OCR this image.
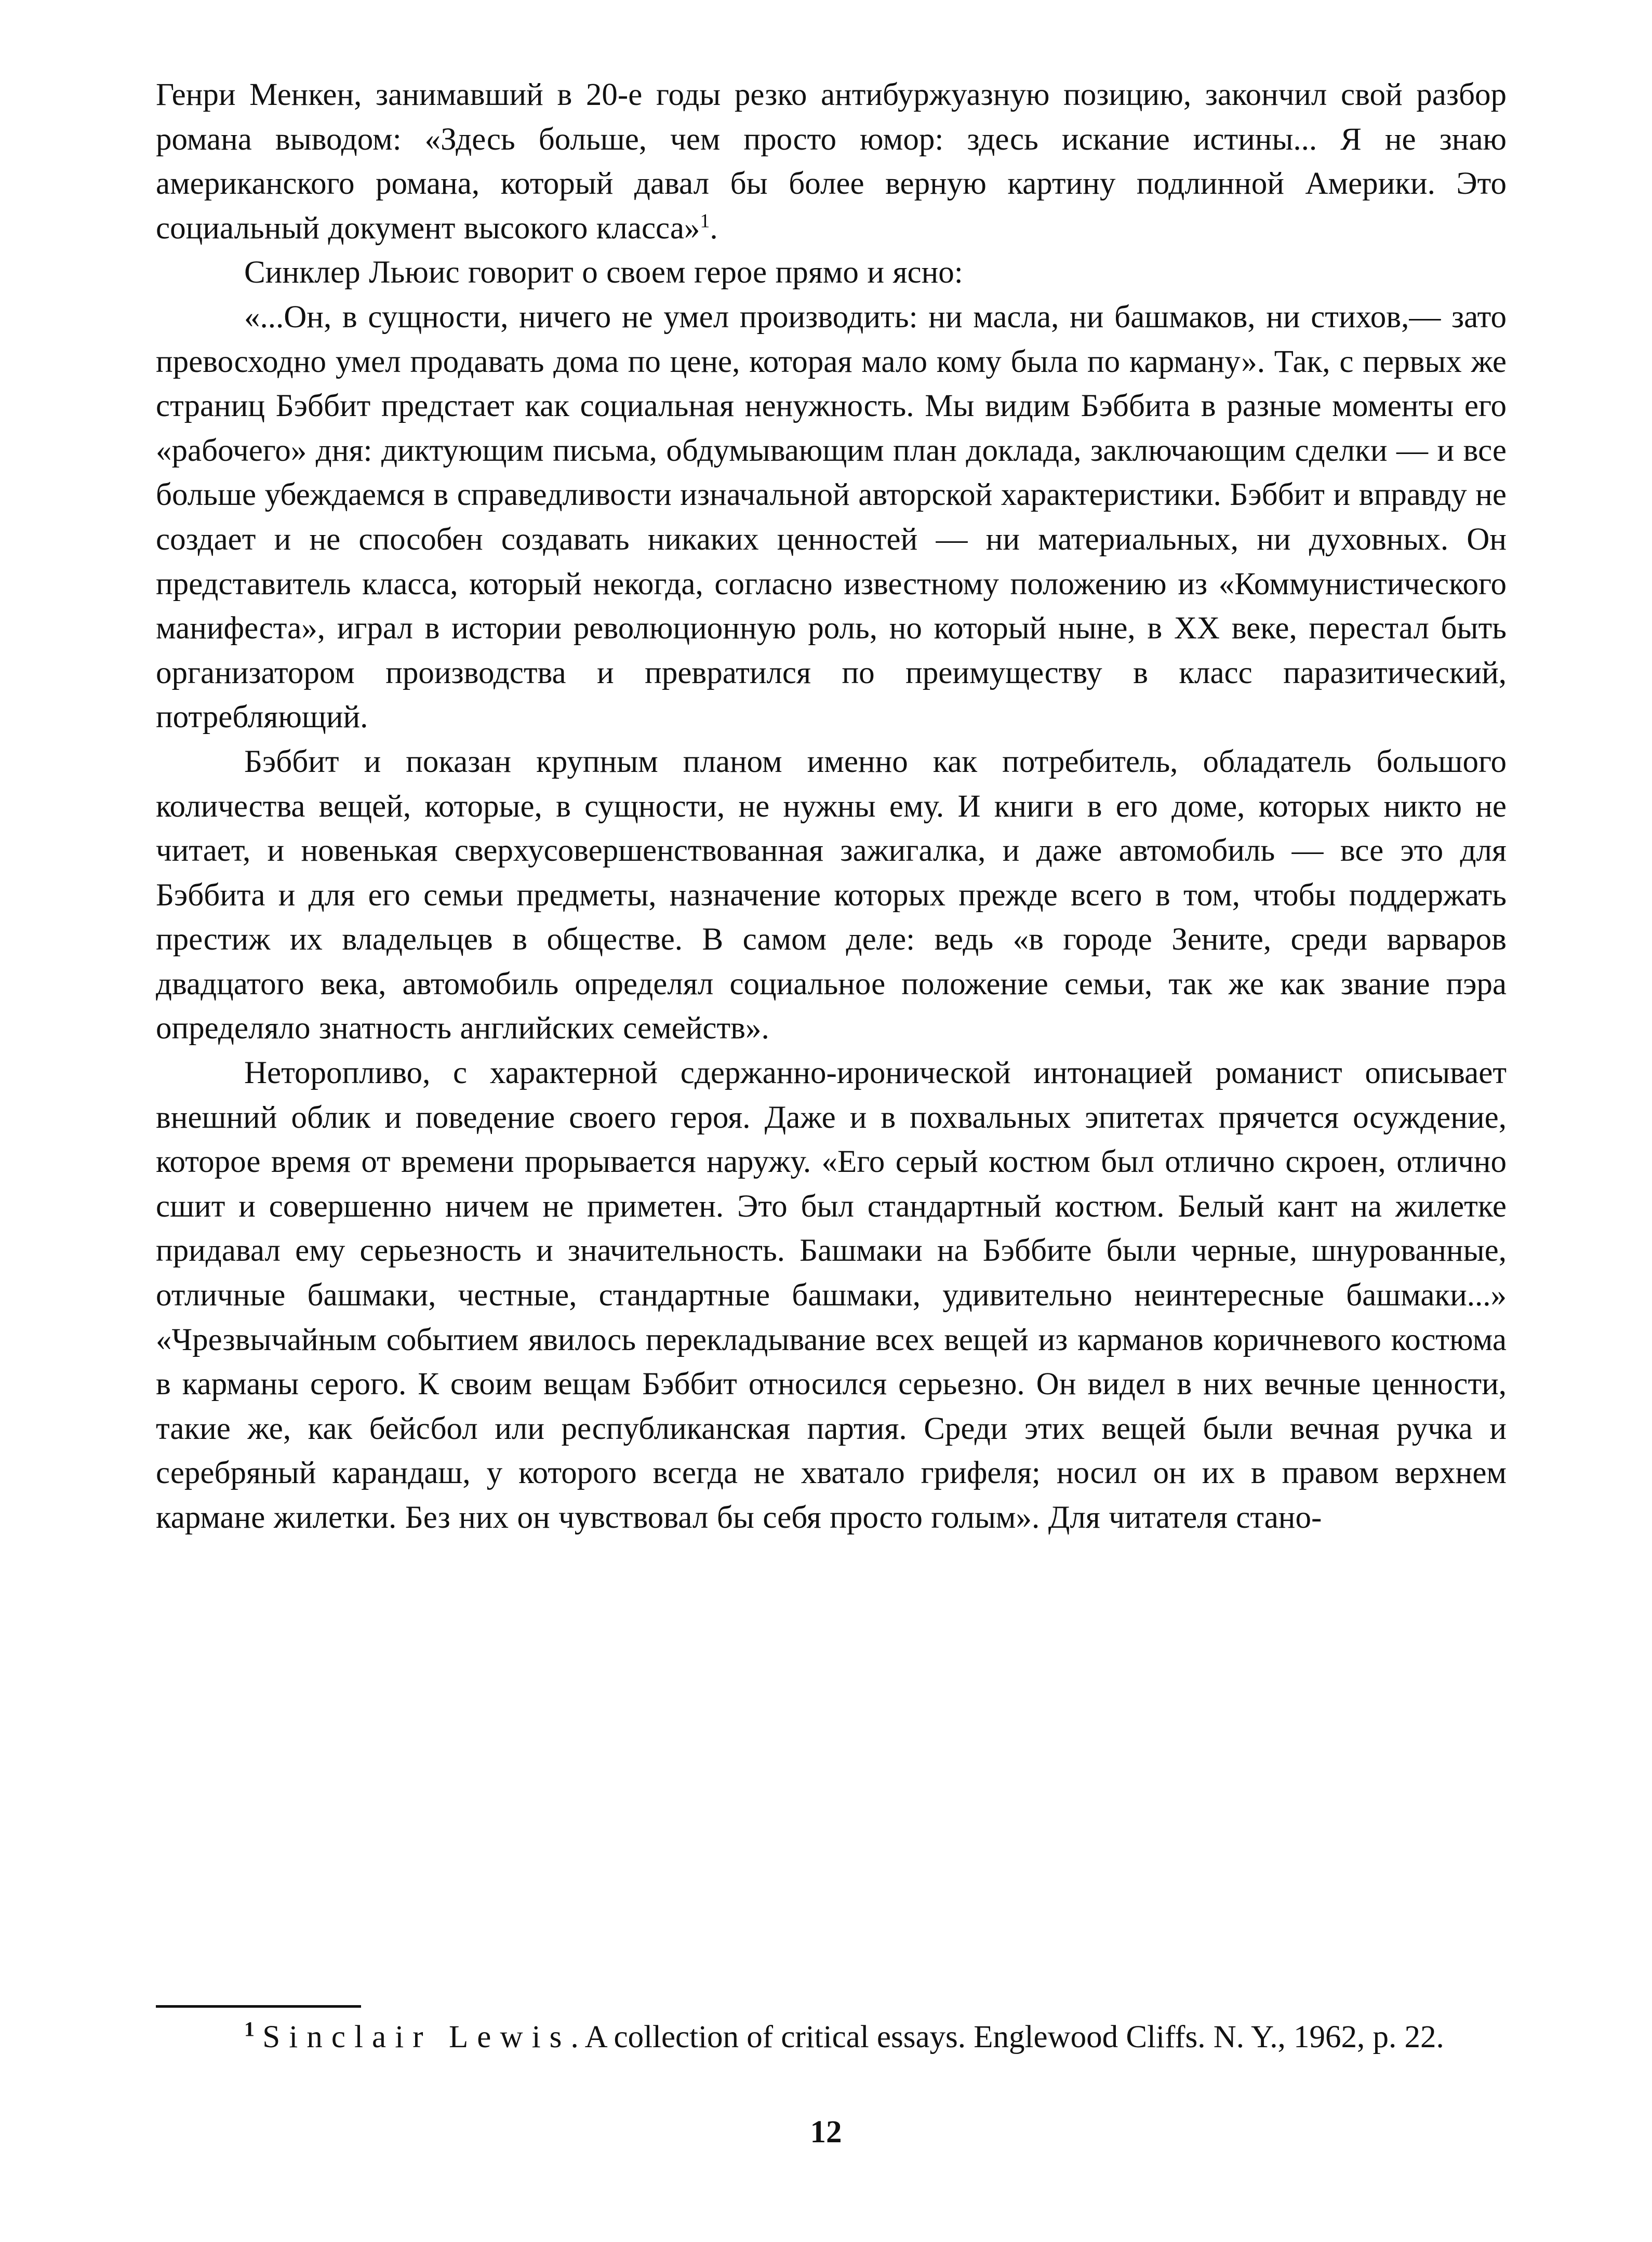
Генри Менкен, занимавший в 20-е годы резко антибуржуазную позицию, закончил свой разбор романа выводом: «Здесь больше, чем просто юмор: здесь искание истины... Я не знаю американского романа, который давал бы более верную картину подлинной Америки. Это социальный документ высокого класса»$^1$.

Синклер Льюис говорит о своем герое прямо и ясно:

«...Он, в сущности, ничего не умел производить: ни масла, ни башмаков, ни стихов,— зато превосходно умел продавать дома по цене, которая мало кому была по карману». Так, с первых же страниц Бэббит предстает как социальная ненужность. Мы видим Бэббита в разные моменты его «рабочего» дня: диктующим письма, обдумывающим план доклада, заключающим сделки — и все больше убеждаемся в справедливости изначальной авторской характеристики. Бэббит и вправду не создает и не способен создавать никаких ценностей — ни материальных, ни духовных. Он представитель класса, который некогда, согласно известному положению из «Коммунистического манифеста», играл в истории революционную роль, но который ныне, в XX веке, перестал быть организатором производства и превратился по преимуществу в класс паразитический, потребляющий.

Бэббит и показан крупным планом именно как потребитель, обладатель большого количества вещей, которые, в сущности, не нужны ему. И книги в его доме, которых никто не читает, и новенькая сверхусовершенствованная зажигалка, и даже автомобиль — все это для Бэббита и для его семьи предметы, назначение которых прежде всего в том, чтобы поддержать престиж их владельцев в обществе. В самом деле: ведь «в городе Зените, среди варваров двадцатого века, автомобиль определял социальное положение семьи, так же как звание пэра определяло знатность английских семейств».

Неторопливо, с характерной сдержанно-иронической интонацией романист описывает внешний облик и поведение своего героя. Даже и в похвальных эпитетах прячется осуждение, которое время от времени прорывается наружу. «Его серый костюм был отлично скроен, отлично сшит и совершенно ничем не приметен. Это был стандартный костюм. Белый кант на жилетке придавал ему серьезность и значительность. Башмаки на Бэббите были черные, шнурованные, отличные башмаки, честные, стандартные башмаки, удивительно неинтересные башмаки...» «Чрезвычайным событием явилось перекладывание всех вещей из карманов коричневого костюма в карманы серого. К своим вещам Бэббит относился серьезно. Он видел в них вечные ценности, такие же, как бейсбол или республиканская партия. Среди этих вещей были вечная ручка и серебряный карандаш, у которого всегда не хватало грифеля; носил он их в правом верхнем кармане жилетки. Без них он чувствовал бы себя просто голым». Для читателя стано-

$^1$ Sinclair Lewis. A collection of critical essays. Englewood Cliffs. N. Y., 1962, p. 22.

12
